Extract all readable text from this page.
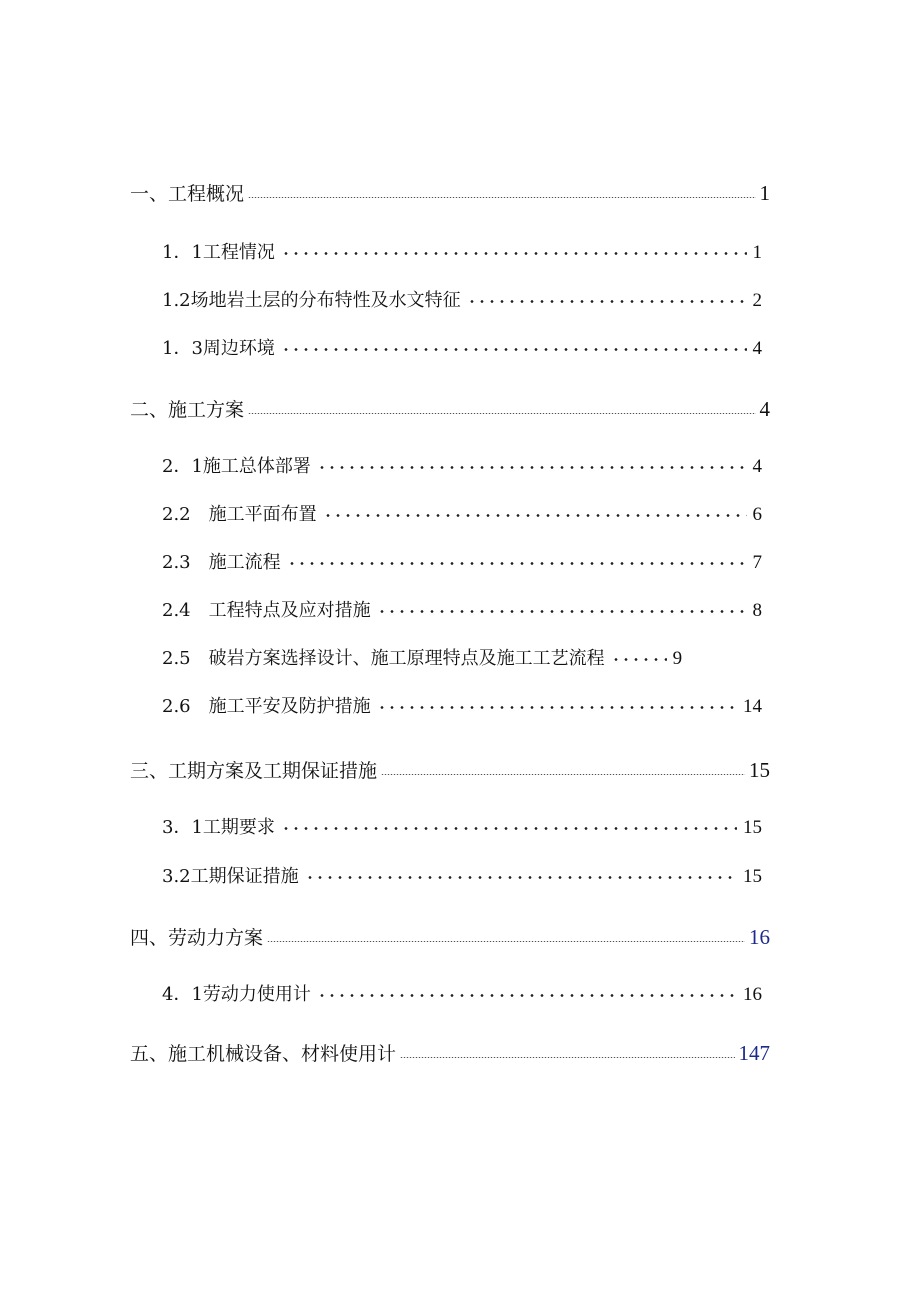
一、工程概况	1
1．1工程情况	1
1.2场地岩土层的分布特性及水文特征	2
1．3周边环境	4
二、施工方案	4
2．1施工总体部署	4
2.2　施工平面布置	6
2.3　施工流程	7
2.4　工程特点及应对措施	8
2.5　破岩方案选择设计、施工原理特点及施工工艺流程	9
2.6　施工平安及防护措施	14
三、工期方案及工期保证措施	15
3．1工期要求	15
3.2工期保证措施	15
四、劳动力方案	16
4．1劳动力使用计	16
五、施工机械设备、材料使用计	147
